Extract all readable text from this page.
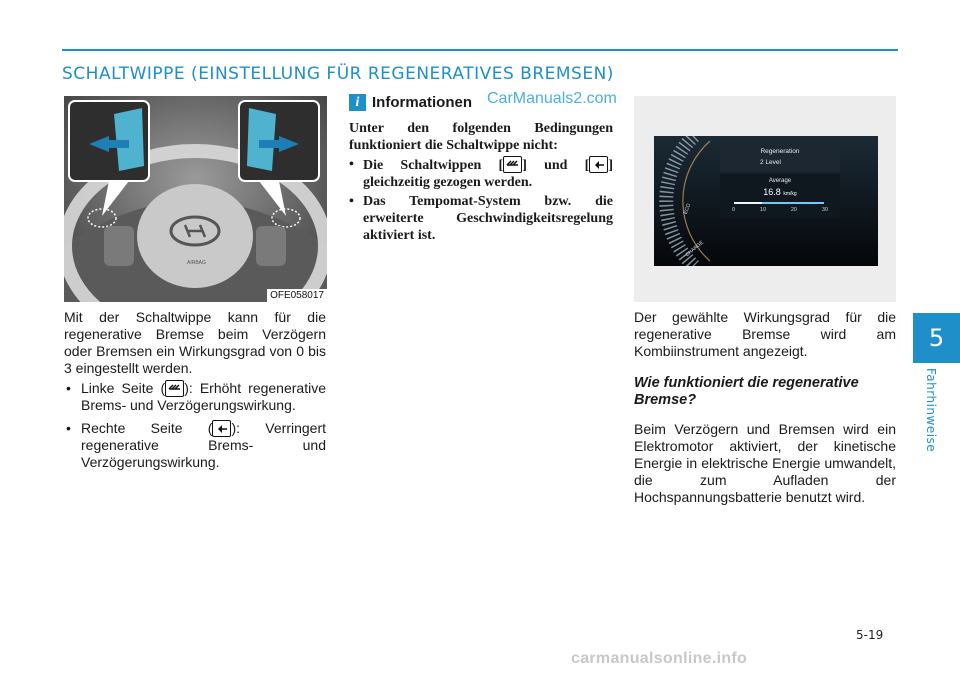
SCHALTWIPPE (EINSTELLUNG FÜR REGENERATIVES BREMSEN)
5
Fahrhinweise
AIRBAG
OFE058017

Mit der Schaltwippe kann für die regenerative Bremse beim Verzögern oder Bremsen ein Wirkungsgrad von 0 bis 3 eingestellt werden.

• Linke Seite ( ): Erhöht regenerative Brems- und Verzögerungswirkung.
• Rechte Seite ( ): Verringert regenerative Brems- und Verzögerungswirkung.
i Informationen

Unter den folgenden Bedingungen funktioniert die Schaltwippe nicht:

• Die Schaltwippen [ ] und [ ] gleichzeitig gezogen werden.
• Das Tempomat-System bzw. die erweiterte Geschwindigkeitsregelung aktiviert ist.
CarManuals2.com
Regeneration
2 Level
Average
16.8 km/kg
0	10	20	30
ECO
CHARGE

Der gewählte Wirkungsgrad für die regenerative Bremse wird am Kombiinstrument angezeigt.

Wie funktioniert die regenerative Bremse?

Beim Verzögern und Bremsen wird ein Elektromotor aktiviert, der kinetische Energie in elektrische Energie umwandelt, die zum Aufladen der Hochspannungsbatterie benutzt wird.

5-19
carmanualsonline.info
